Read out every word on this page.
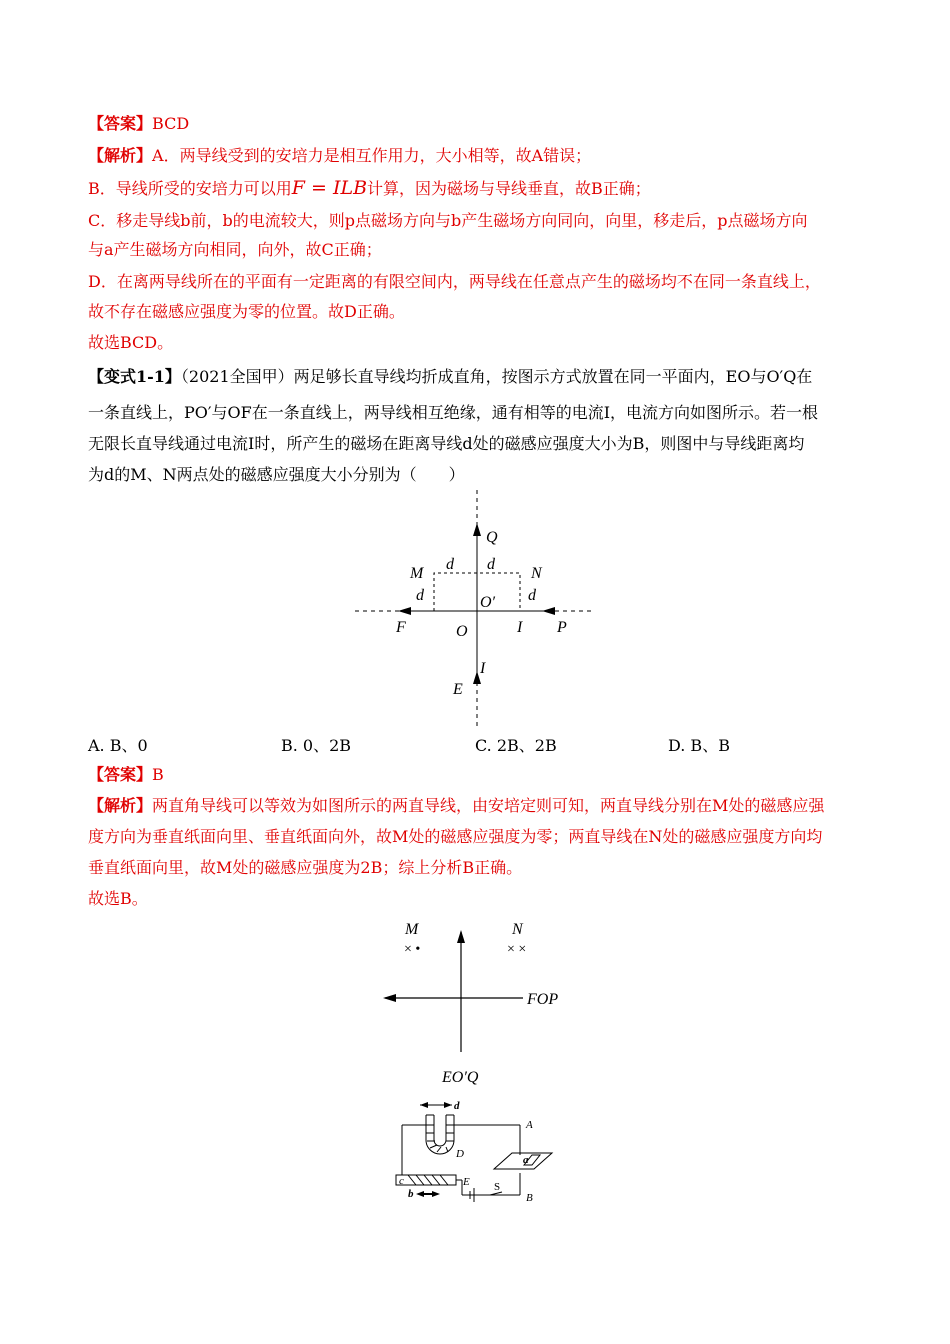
【答案】BCD
【解析】A．两导线受到的安培力是相互作用力，大小相等，故A错误；
B．导线所受的安培力可以用F = ILB计算，因为磁场与导线垂直，故B正确；
C．移走导线b前，b的电流较大，则p点磁场方向与b产生磁场方向同向，向里，移走后，p点磁场方向
与a产生磁场方向相同，向外，故C正确；
D．在离两导线所在的平面有一定距离的有限空间内，两导线在任意点产生的磁场均不在同一条直线上，
故不存在磁感应强度为零的位置。故D正确。
故选BCD。
【变式1-1】（2021全国甲）两足够长直导线均折成直角，按图示方式放置在同一平面内，EO与O′Q在
一条直线上，PO′与OF在一条直线上，两导线相互绝缘，通有相等的电流I，电流方向如图所示。若一根
无限长直导线通过电流I时，所产生的磁场在距离导线d处的磁感应强度大小为B，则图中与导线距离均
为d的M、N两点处的磁感应强度大小分别为（　　）
Q
M	N
d d
d	d
O′
F	O	I P
I
E
A. B、0	B. 0、2B	C. 2B、2B	D. B、B
【答案】B
【解析】两直角导线可以等效为如图所示的两直导线，由安培定则可知，两直导线分别在M处的磁感应强
度方向为垂直纸面向里、垂直纸面向外，故M处的磁感应强度为零；两直导线在N处的磁感应强度方向均
垂直纸面向里，故M处的磁感应强度为2B；综上分析B正确。
故选B。
M	N
× •	× ×
FOP
EO′Q
d
A
D	a
c	E S
b	B
